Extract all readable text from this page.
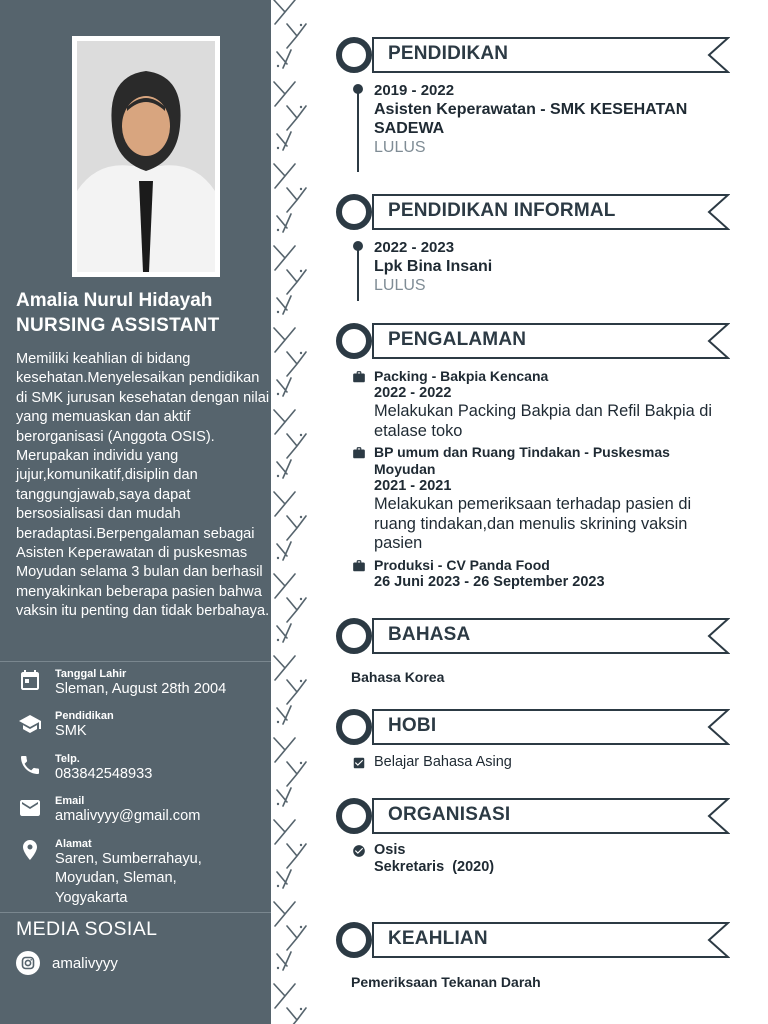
Amalia Nurul Hidayah
NURSING ASSISTANT
Memiliki keahlian di bidang kesehatan.Menyelesaikan pendidikan di SMK jurusan kesehatan dengan nilai yang memuaskan dan aktif berorganisasi (Anggota OSIS). Merupakan individu yang jujur,komunikatif,disiplin dan tanggungjawab,saya dapat bersosialisasi dan mudah beradaptasi.Berpengalaman sebagai Asisten Keperawatan di puskesmas Moyudan selama 3 bulan dan berhasil menyakinkan beberapa pasien bahwa vaksin itu penting dan tidak berbahaya.
Tanggal Lahir
Sleman, August 28th 2004
Pendidikan
SMK
Telp.
083842548933
Email
amalivyyy@gmail.com
Alamat
Saren, Sumberrahayu, Moyudan, Sleman, Yogyakarta
MEDIA SOSIAL
amalivyyy
PENDIDIKAN
2019 - 2022
Asisten Keperawatan - SMK KESEHATAN SADEWA
LULUS
PENDIDIKAN INFORMAL
2022 - 2023
Lpk Bina Insani
LULUS
PENGALAMAN
Packing - Bakpia Kencana
2022 - 2022
Melakukan Packing Bakpia dan Refil Bakpia di etalase toko
BP umum dan Ruang Tindakan - Puskesmas Moyudan
2021 - 2021
Melakukan pemeriksaan terhadap pasien di ruang tindakan,dan menulis skrining vaksin pasien
Produksi - CV Panda Food
26 Juni 2023 - 26 September 2023
BAHASA
Bahasa Korea
HOBI
Belajar Bahasa Asing
ORGANISASI
Osis
Sekretaris  (2020)
KEAHLIAN
Pemeriksaan Tekanan Darah
